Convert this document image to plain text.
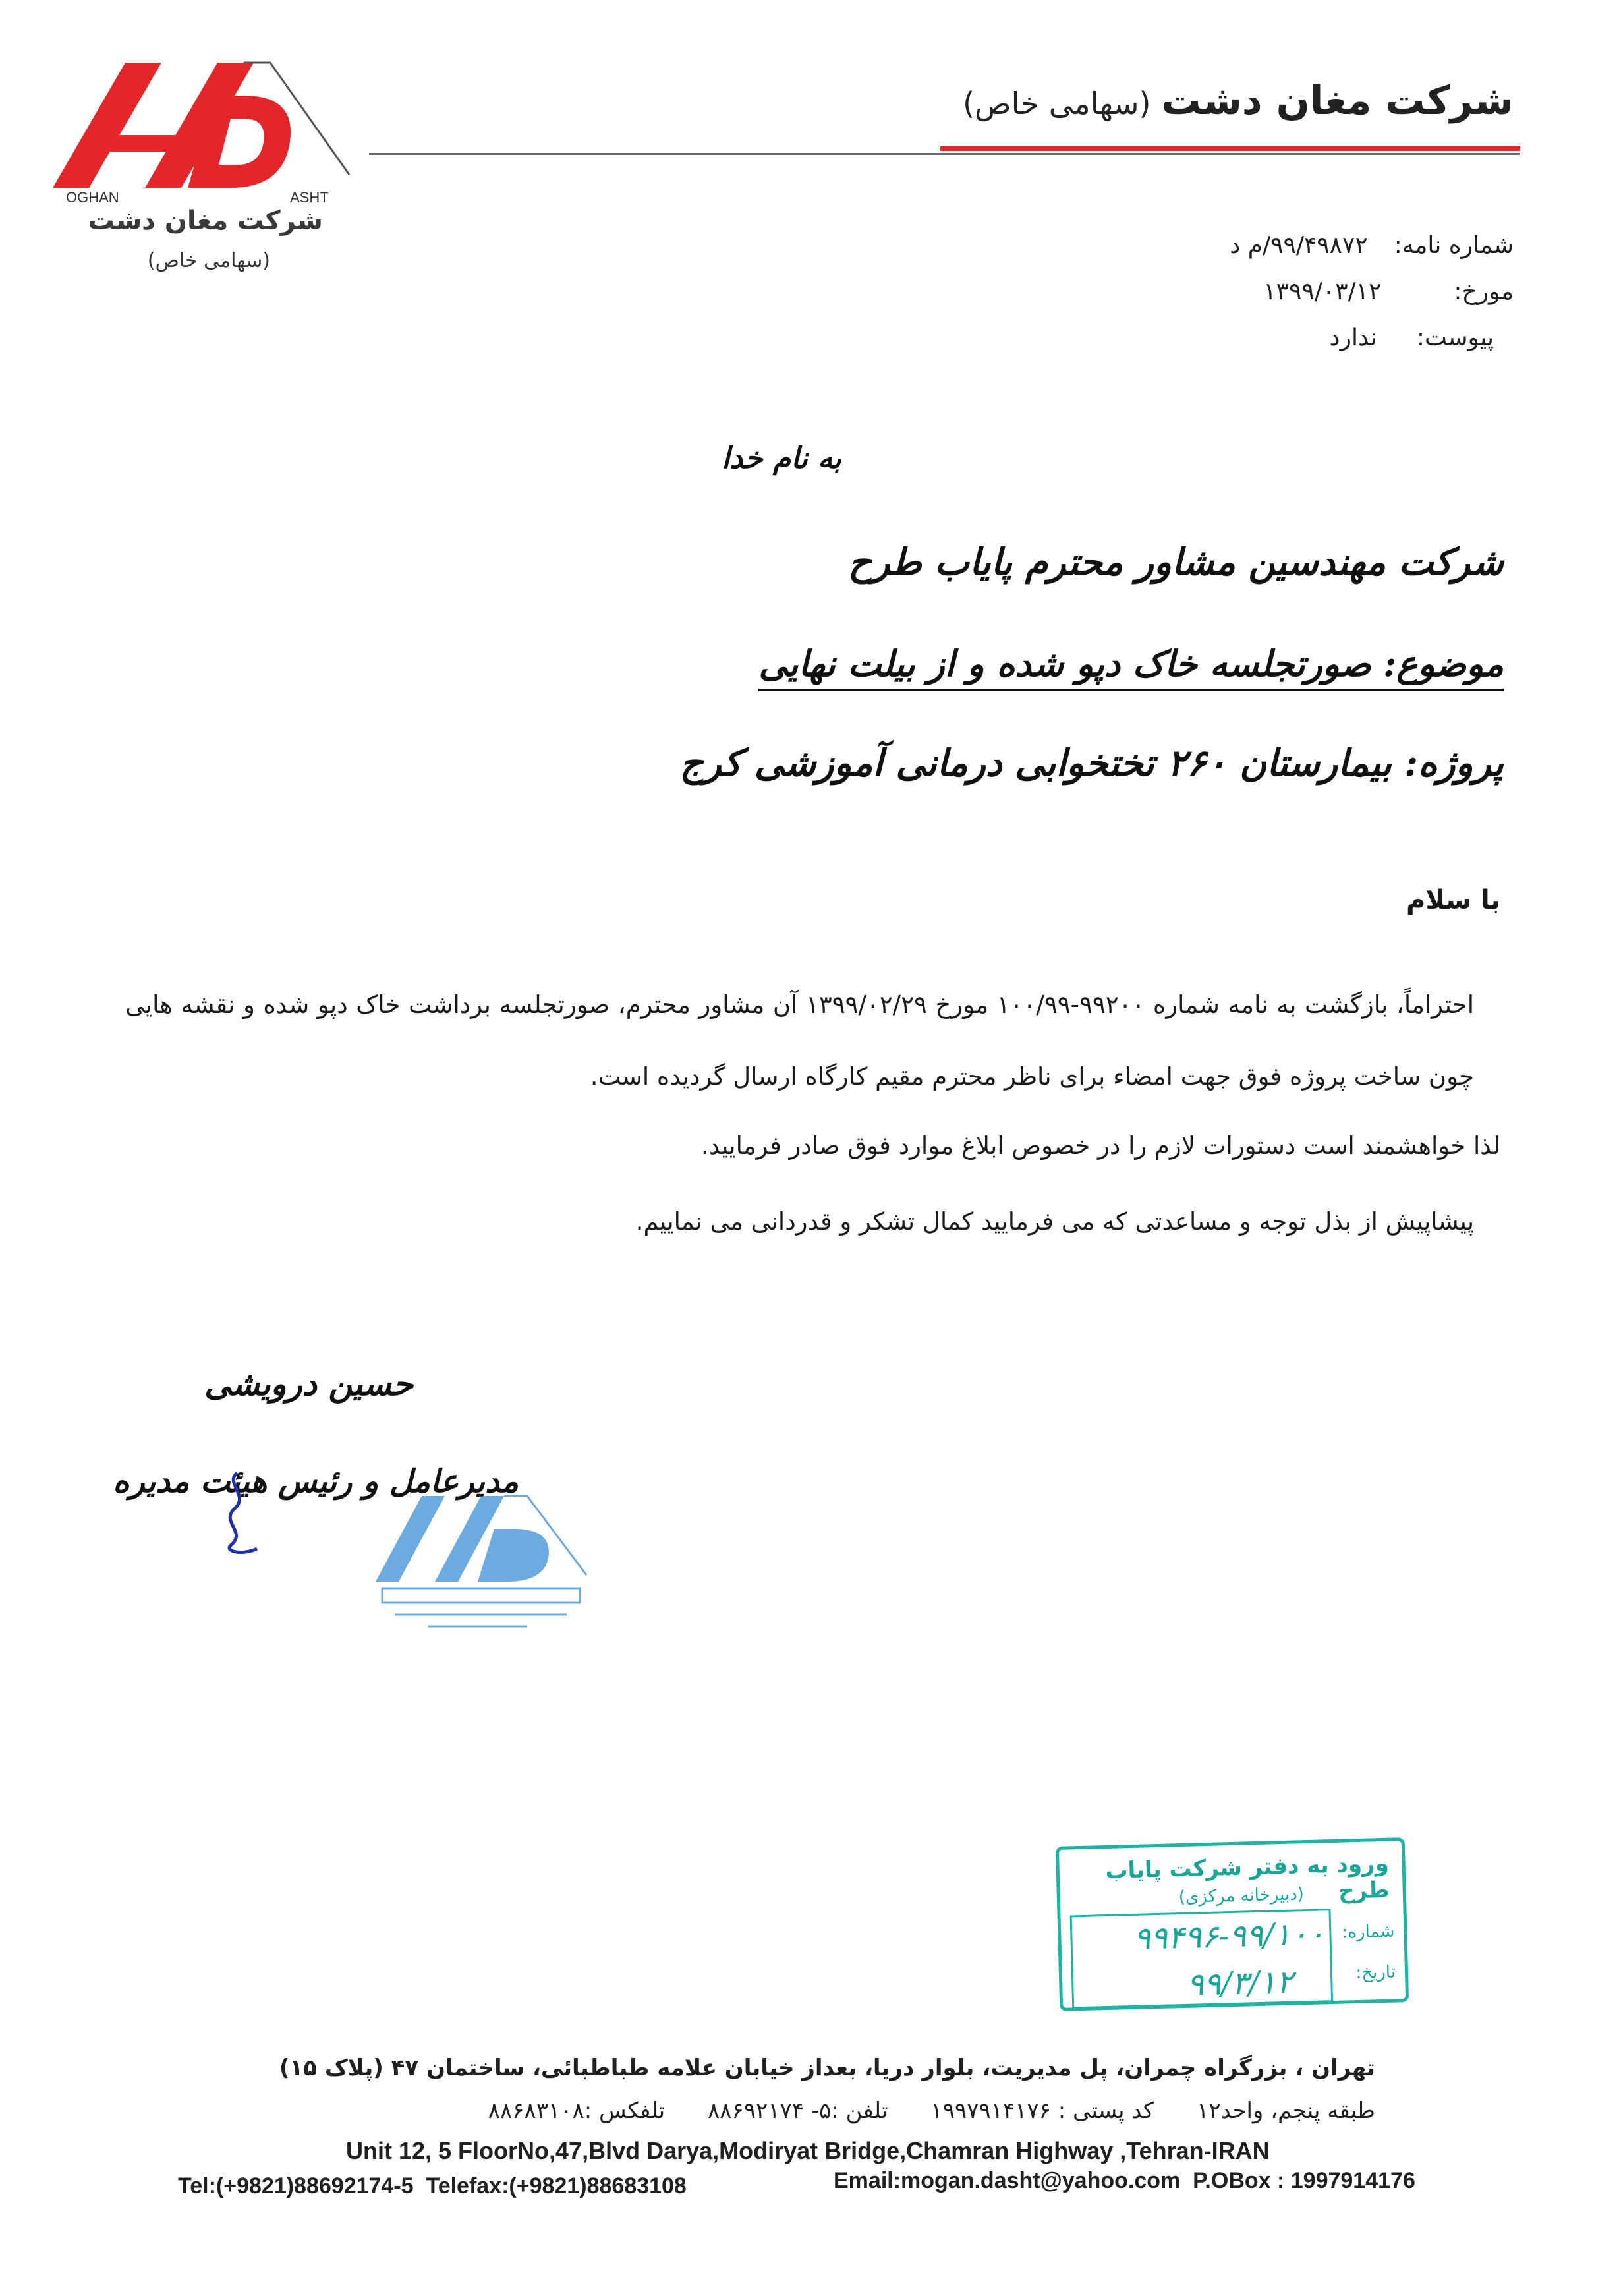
OGHAN	ASHT
شرکت مغان دشت
(سهامی خاص)
شرکت مغان دشت(سهامی خاص)
شماره نامه:۹۹/۴۹۸۷۲/م د
مورخ:۱۳۹۹/۰۳/۱۲
پیوست:ندارد
به نام خدا
شرکت مهندسین مشاور محترم پایاب طرح
موضوع: صورتجلسه خاک دپو شده و از بیلت نهایی
پروژه: بیمارستان ۲۶۰ تختخوابی درمانی آموزشی کرج
با سلام
احتراماً، بازگشت به نامه شماره ۹۹۲۰۰-۱۰۰/۹۹ مورخ ۱۳۹۹/۰۲/۲۹ آن مشاور محترم، صورتجلسه برداشت خاک دپو شده و نقشه هایی چون ساخت پروژه فوق جهت امضاء برای ناظر محترم مقیم کارگاه ارسال گردیده است.
لذا خواهشمند است دستورات لازم را در خصوص ابلاغ موارد فوق صادر فرمایید.
پیشاپیش از بذل توجه و مساعدتی که می فرمایید کمال تشکر و قدردانی می نماییم.
حسین درویشی
مدیرعامل و رئیس هیئت مدیره
ورود به دفتر شرکت پایاب طرح
(دبیرخانه مرکزی)
شماره:
۹۹۴۹۶-۹۹/۱۰۰
تاریخ:
۹۹/۳/۱۲
تهران ، بزرگراه چمران، پل مدیریت، بلوار دریا، بعداز خیابان علامه طباطبائی، ساختمان ۴۷ (پلاک ۱۵)
طبقه پنجم، واحد۱۲      کد پستی : ۱۹۹۷۹۱۴۱۷۶      تلفن :۵- ۸۸۶۹۲۱۷۴      تلفکس :۸۸۶۸۳۱۰۸
Unit 12, 5 FloorNo,47,Blvd Darya,Modiryat Bridge,Chamran Highway ,Tehran-IRAN
Tel:(+9821)88692174-5  Telefax:(+9821)88683108	Email:mogan.dasht@yahoo.com  P.OBox : 1997914176
